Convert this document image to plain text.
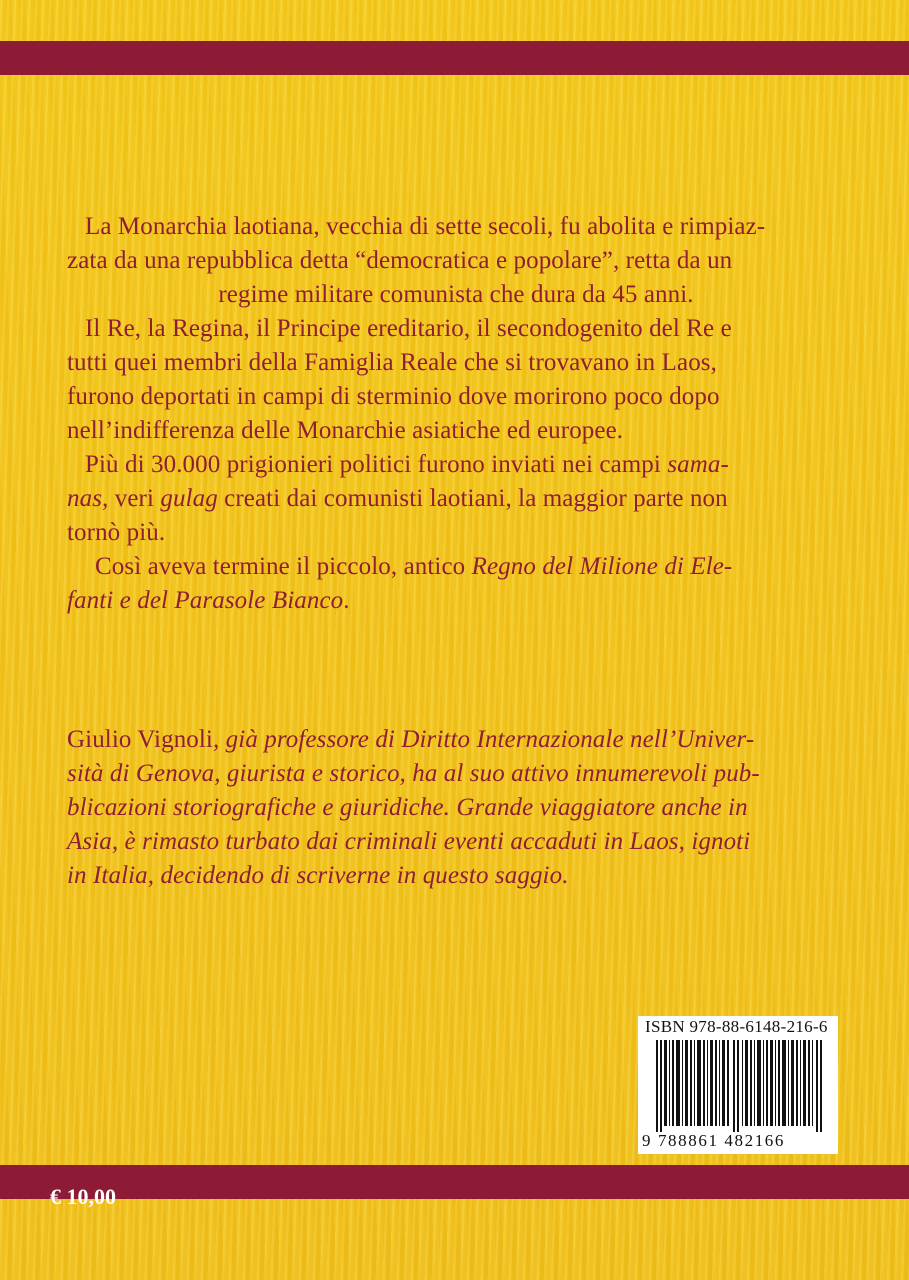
La Monarchia laotiana, vecchia di sette secoli, fu abolita e rimpiaz-

zata da una repubblica detta “democratica e popolare”, retta da un

regime militare comunista che dura da 45 anni.

Il Re, la Regina, il Principe ereditario, il secondogenito del Re e

tutti quei membri della Famiglia Reale che si trovavano in Laos,

furono deportati in campi di sterminio dove morirono poco dopo

nell’indifferenza delle Monarchie asiatiche ed europee.

Più di 30.000 prigionieri politici furono inviati nei campi sama-

nas, veri gulag creati dai comunisti laotiani, la maggior parte non

tornò più.

Così aveva termine il piccolo, antico Regno del Milione di Ele-

fanti e del Parasole Bianco.

Giulio Vignoli, già professore di Diritto Internazionale nell’Univer-

sità di Genova, giurista e storico, ha al suo attivo innumerevoli pub-

blicazioni storiografiche e giuridiche. Grande viaggiatore anche in

Asia, è rimasto turbato dai criminali eventi accaduti in Laos, ignoti

in Italia, decidendo di scriverne in questo saggio.

ISBN 978-88-6148-216-6
9 788861 482166
€ 10,00
